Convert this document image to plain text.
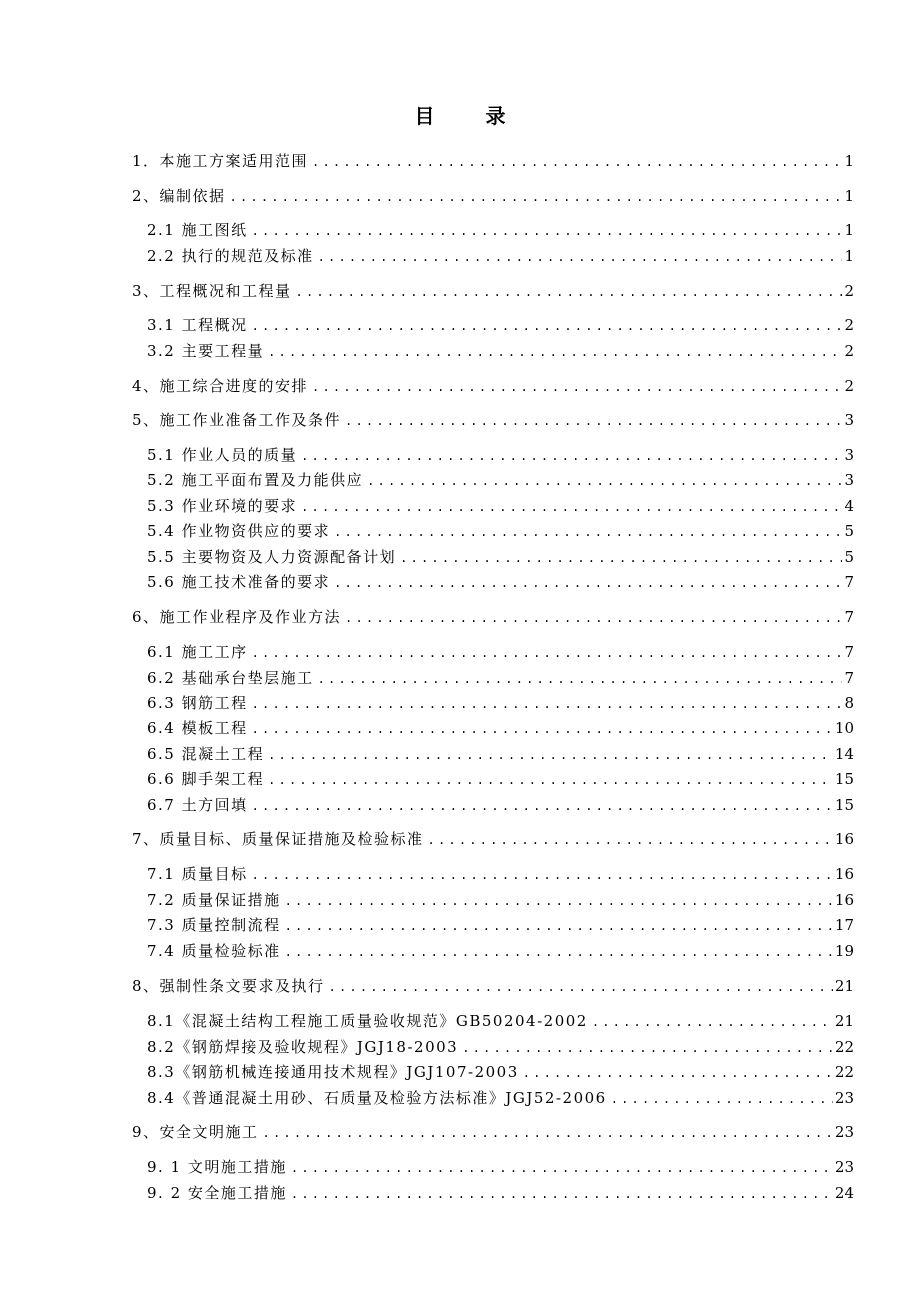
目 录
1．本施工方案适用范围 .....	1
2、编制依据 .....	1
2.1 施工图纸 .....	1
2.2 执行的规范及标准 .....	1
3、工程概况和工程量 .....	2
3.1 工程概况 .....	2
3.2 主要工程量 .....	2
4、施工综合进度的安排 .....	2
5、施工作业准备工作及条件 .....	3
5.1 作业人员的质量 .....	3
5.2 施工平面布置及力能供应 .....	3
5.3 作业环境的要求 .....	4
5.4 作业物资供应的要求 .....	5
5.5 主要物资及人力资源配备计划 .....	5
5.6 施工技术准备的要求 .....	7
6、施工作业程序及作业方法 .....	7
6.1 施工工序 .....	7
6.2 基础承台垫层施工 .....	7
6.3 钢筋工程 .....	8
6.4 模板工程 .....	10
6.5 混凝土工程 .....	14
6.6 脚手架工程 .....	15
6.7 土方回填 .....	15
7、质量目标、质量保证措施及检验标准 .....	16
7.1 质量目标 .....	16
7.2 质量保证措施 .....	16
7.3 质量控制流程 .....	17
7.4 质量检验标准 .....	19
8、强制性条文要求及执行 .....	21
8.1《混凝土结构工程施工质量验收规范》GB50204-2002 .....	21
8.2《钢筋焊接及验收规程》JGJ18-2003 .....	22
8.3《钢筋机械连接通用技术规程》JGJ107-2003 .....	22
8.4《普通混凝土用砂、石质量及检验方法标准》JGJ52-2006 .....	23
9、安全文明施工 .....	23
9. 1 文明施工措施 .....	23
9. 2 安全施工措施 .....	24
